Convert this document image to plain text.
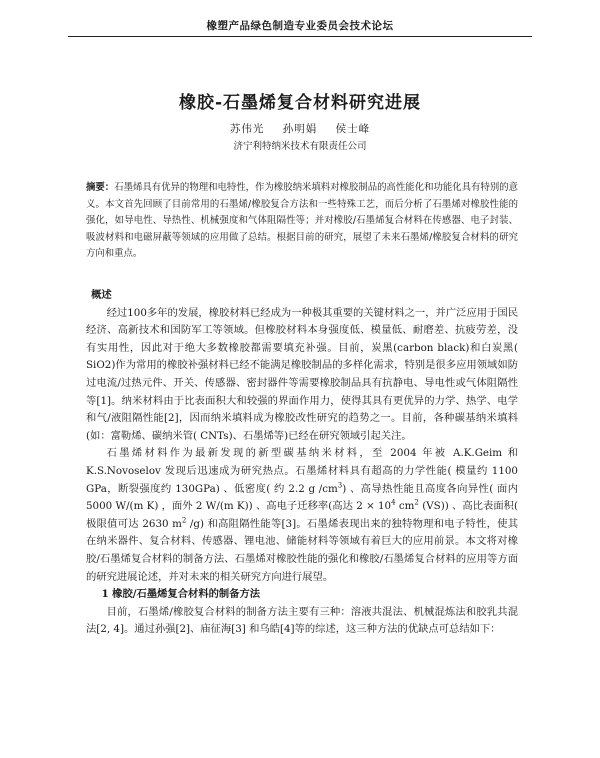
橡塑产品绿色制造专业委员会技术论坛
橡胶-石墨烯复合材料研究进展
苏伟光 孙明娟 侯士峰
济宁利特纳米技术有限责任公司
摘要：石墨烯具有优异的物理和电特性，作为橡胶纳米填料对橡胶制品的高性能化和功能化具有特别的意义。本文首先回顾了目前常用的石墨烯/橡胶复合方法和一些特殊工艺，而后分析了石墨烯对橡胶性能的强化，如导电性、导热性、机械强度和气体阻隔性等；并对橡胶/石墨烯复合材料在传感器、电子封装、吸波材料和电磁屏蔽等领域的应用做了总结。根据目前的研究，展望了未来石墨烯/橡胶复合材料的研究方向和重点。
概述

经过100多年的发展，橡胶材料已经成为一种极其重要的关键材料之一，并广泛应用于国民经济、高新技术和国防军工等领域。但橡胶材料本身强度低、模量低、耐磨差、抗疲劳差，没有实用性，因此对于绝大多数橡胶都需要填充补强。目前，炭黑(carbon black)和白炭黑( SiO2)作为常用的橡胶补强材料已经不能满足橡胶制品的多样化需求，特别是很多应用领域如防过电流/过热元件、开关、传感器、密封器件等需要橡胶制品具有抗静电、导电性或气体阻隔性等[1]。纳米材料由于比表面积大和较强的界面作用力，使得其具有更优异的力学、热学、电学和气/液阻隔性能[2]，因而纳米填料成为橡胶改性研究的趋势之一。目前，各种碳基纳米填料(如：富勒烯、碳纳米管( CNTs)、石墨烯等)已经在研究领域引起关注。

石墨烯材料作为最新发现的新型碳基纳米材料，至 2004 年被 A.K.Geim 和 K.S.Novoselov 发现后迅速成为研究热点。石墨烯材料具有超高的力学性能( 模量约 1100 GPa，断裂强度约 130GPa) 、低密度( 约 2.2 g $/cm^3$) 、高导热性能且高度各向异性( 面内 5000 W/(m K) ，面外 2 W/(m K)) 、高电子迁移率(高达 $2 \times 10^4$ $cm^2$ (VS)) 、高比表面积( 极限值可达 2630 $m^2$ /g) 和高阻隔性能等[3]。石墨烯表现出来的独特物理和电子特性，使其在纳米器件、复合材料、传感器、锂电池、储能材料等领域有着巨大的应用前景。本文将对橡胶/石墨烯复合材料的制备方法、石墨烯对橡胶性能的强化和橡胶/石墨烯复合材料的应用等方面的研究进展论述，并对未来的相关研究方向进行展望。

1 橡胶/石墨烯复合材料的制备方法

目前，石墨烯/橡胶复合材料的制备方法主要有三种：溶液共混法、机械混炼法和胶乳共混法[2, 4]。通过孙强[2]、庙征海[3] 和乌皓[4]等的综述，这三种方法的优缺点可总结如下：
